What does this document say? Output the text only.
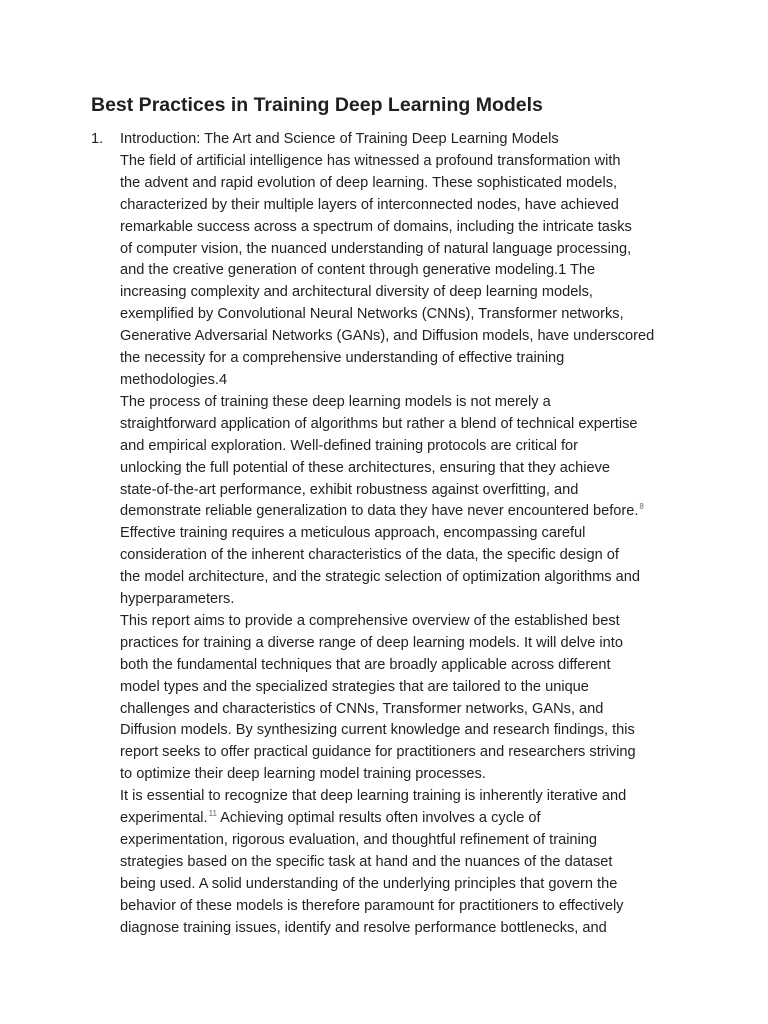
Best Practices in Training Deep Learning Models
1.	Introduction: The Art and Science of Training Deep Learning Models

The field of artificial intelligence has witnessed a profound transformation with
the advent and rapid evolution of deep learning. These sophisticated models,
characterized by their multiple layers of interconnected nodes, have achieved
remarkable success across a spectrum of domains, including the intricate tasks
of computer vision, the nuanced understanding of natural language processing,
and the creative generation of content through generative modeling.1 The
increasing complexity and architectural diversity of deep learning models,
exemplified by Convolutional Neural Networks (CNNs), Transformer networks,
Generative Adversarial Networks (GANs), and Diffusion models, have underscored
the necessity for a comprehensive understanding of effective training
methodologies.4

The process of training these deep learning models is not merely a
straightforward application of algorithms but rather a blend of technical expertise
and empirical exploration. Well-defined training protocols are critical for
unlocking the full potential of these architectures, ensuring that they achieve
state-of-the-art performance, exhibit robustness against overfitting, and
demonstrate reliable generalization to data they have never encountered before.$^8$
Effective training requires a meticulous approach, encompassing careful
consideration of the inherent characteristics of the data, the specific design of
the model architecture, and the strategic selection of optimization algorithms and
hyperparameters.

This report aims to provide a comprehensive overview of the established best
practices for training a diverse range of deep learning models. It will delve into
both the fundamental techniques that are broadly applicable across different
model types and the specialized strategies that are tailored to the unique
challenges and characteristics of CNNs, Transformer networks, GANs, and
Diffusion models. By synthesizing current knowledge and research findings, this
report seeks to offer practical guidance for practitioners and researchers striving
to optimize their deep learning model training processes.

It is essential to recognize that deep learning training is inherently iterative and
experimental.$^{11}$ Achieving optimal results often involves a cycle of
experimentation, rigorous evaluation, and thoughtful refinement of training
strategies based on the specific task at hand and the nuances of the dataset
being used. A solid understanding of the underlying principles that govern the
behavior of these models is therefore paramount for practitioners to effectively
diagnose training issues, identify and resolve performance bottlenecks, and
